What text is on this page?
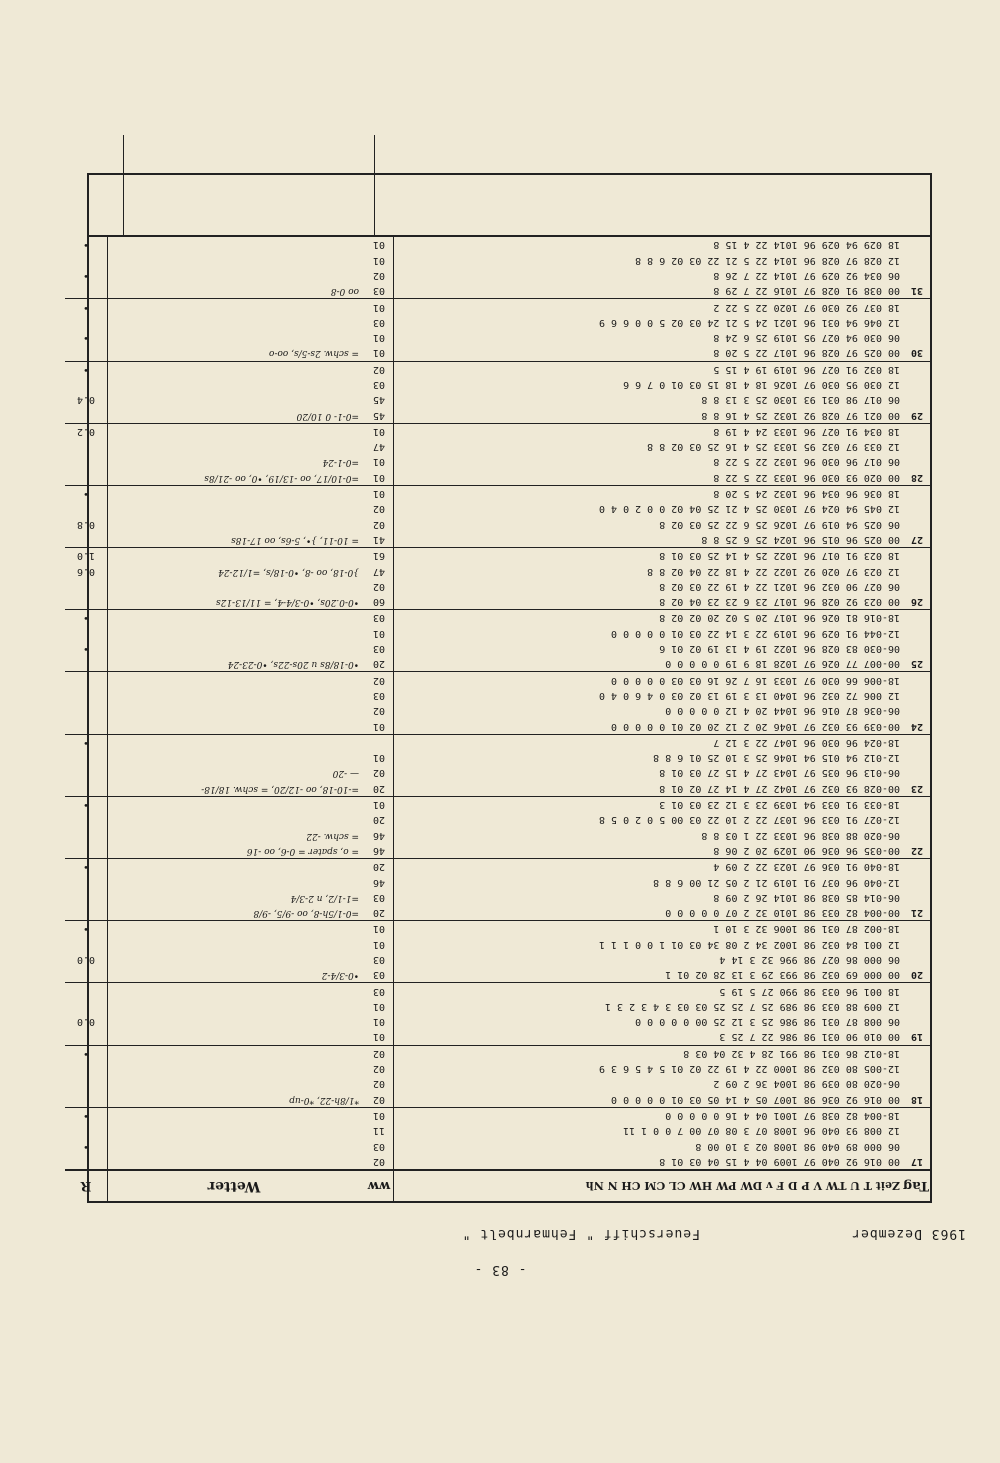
- 83 -
Feuerschiff " Fehmarnbelt "	1963 Dezember
Tag	Zeit T U TW V P D F v DW PW HW CL CM CH N Nh	ww	Wetter	R
17	00 016 92 040 97 1009 04 4 15 04 03 01 8	02		
	06 000 89 040 98 1008 02 3 10 00 8	03		•
	12 008 93 040 96 1008 07 3 08 07 00 7 0 0 1 11	11		
	18-004 82 038 97 1001 04 4 16 0 0 0 0 0	01		•
18	00 016 92 036 98 1007 05 4 14 05 03 01 0 0 0 0 0	02	*1/8h-22, *0-up	
	06-020 80 039 98 1004 36 2 09 2	02		
	12-005 80 032 98 1000 22 4 19 22 02 01 5 4 5 6 3 9	02		
	18-012 86 031 98 991 28 4 32 04 03 8	02		•
19	00 010 90 031 98 986 22 7 25 3	01		
	06 008 87 031 98 986 25 3 12 25 00 0 0 0 0 0	01		0.0
	12 009 88 033 98 989 25 7 25 25 03 03 3 4 3 2 3 1	01		
	18 001 96 033 98 990 27 5 19 5	03		
20	00 000 69 032 98 993 29 3 13 28 02 01 1	03	•0-3/4-2	
	06 000 86 027 98 996 32 3 14 4	03		0.0
	12 001 84 032 98 1002 34 2 08 34 03 01 1 0 0 1 1 1	01		
	18-002 87 031 98 1006 32 3 10 1	01		•
21	00-004 82 033 98 1010 32 2 07 0 0 0 0 0	20	=0-1/5h-8, oo -9/5, -9/8	
	06-014 85 038 98 1014 26 2 09 8	03	=1-1/2, n 2-3/4	
	12-040 96 037 91 1019 21 2 05 21 00 6 8 8	46		
	18-040 91 036 97 1023 22 2 09 4	20		•
22	00-035 96 036 90 1029 20 2 06 8	46	= o, spater = 0-6, oo -16	
	06-020 88 038 96 1033 22 1 03 8 8	46	= schw. -22	
	12-027 91 033 96 1037 22 2 10 22 03 00 5 0 2 0 5 8	20		
	18-033 91 033 94 1039 23 3 12 23 03 01 3	01		•
23	00-028 93 032 97 1042 27 4 14 27 02 01 8	20	=-10-18, oo -12/20, = schw. 18/18-	
	06-013 96 035 97 1043 27 4 15 27 03 01 8	02	— -20	
	12-012 94 015 94 1046 25 3 10 25 01 6 8 8	01		
	18-024 96 030 96 1047 22 3 12 7			•
24	00-039 93 032 97 1046 20 2 12 20 02 01 0 0 0 0 0	01		
	06-036 87 016 96 1044 20 4 12 0 0 0 0 0	02		
	12 006 72 032 96 1040 13 3 19 13 02 03 0 4 6 0 4 0	03		
	18-006 66 030 97 1033 16 7 26 16 03 03 0 0 0 0 0	02		
25	00-007 77 026 97 1028 18 9 19 0 0 0 0 0	20	•0-18/8s u 20s-22s, •0-23-24	
	06-030 83 028 96 1022 19 4 13 19 02 01 6	03		•
	12-044 91 029 96 1019 22 3 14 22 03 01 0 0 0 0 0	01		
	18-016 81 026 96 1017 20 5 02 20 02 02 8	03		•
26	00 023 92 028 96 1017 23 6 23 23 04 02 8	60	•0-0.20s, •0-3/4-4, = 11/13-12s	
	06 027 90 032 96 1021 22 4 19 22 03 02 8	02		
	12 023 97 020 92 1022 22 4 18 22 04 02 8 8	47	}0-18, oo -8, •0-18/s, =1/12-24	0.6
	18 023 91 017 96 1022 25 4 14 25 03 01 8	61		1.0
27	00 025 96 015 96 1024 25 6 25 8 8	41	= 10-11, }•, 5-6s, oo 17-18s	
	06 025 94 019 97 1026 25 6 22 25 03 02 8	02		0.8
	12 045 94 024 97 1030 25 4 21 25 04 02 0 0 2 0 4 0	02		
	18 036 96 034 96 1032 24 5 20 8	01		•
28	00 020 93 030 96 1033 22 5 22 8	01	=0-10/17, oo -13/19, •0, oo -21/8s	
	06 017 96 030 96 1032 22 5 22 8	01	=0-1-24	
	12 033 97 032 95 1033 25 4 16 25 03 02 8 8	47		
	18 034 91 027 96 1033 24 4 19 8	01		0.2
29	00 021 97 028 92 1032 25 4 16 8 8	45	=0-1- 0 10/20	
	06 017 98 031 93 1030 25 3 13 8 8	45		0.4
	12 030 95 030 97 1026 18 4 18 15 03 01 0 7 6 6	03		
	18 032 91 027 96 1019 19 4 15 5	02		•
30	00 025 97 028 96 1017 22 5 20 8	01	= schw. 2s-5/s, oo-o	
	06 030 94 027 95 1019 25 6 24 8	01		•
	12 046 94 031 96 1021 24 5 21 24 03 02 5 0 0 6 6 9	03		
	18 037 92 030 97 1020 22 5 22 2	01		•
31	00 038 91 028 97 1016 22 7 29 8	03	oo 0-8	
	06 034 92 029 97 1014 22 7 26 8	02		•
	12 028 97 028 96 1014 22 5 21 22 03 02 6 8 8	01		
	18 029 94 029 96 1014 22 4 15 8	01		•
